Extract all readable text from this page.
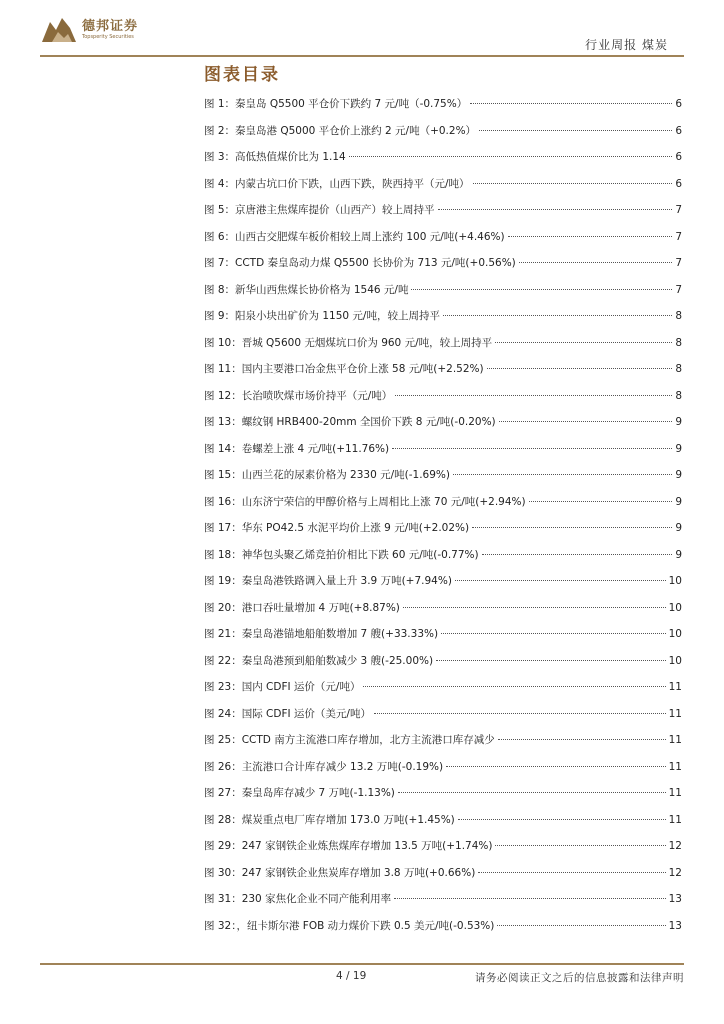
德邦证券
Topsperity Securities
行业周报 煤炭
图表目录
图 1：秦皇岛 Q5500 平仓价下跌约 7 元/吨（-0.75%）	6
图 2：秦皇岛港 Q5000 平仓价上涨约 2 元/吨（+0.2%）	6
图 3：高低热值煤价比为 1.14	6
图 4：内蒙古坑口价下跌，山西下跌，陕西持平（元/吨）	6
图 5：京唐港主焦煤库提价（山西产）较上周持平	7
图 6：山西古交肥煤车板价相较上周上涨约 100 元/吨(+4.46%)	7
图 7：CCTD 秦皇岛动力煤 Q5500 长协价为 713 元/吨(+0.56%)	7
图 8：新华山西焦煤长协价格为 1546 元/吨	7
图 9：阳泉小块出矿价为 1150 元/吨，较上周持平	8
图 10：晋城 Q5600 无烟煤坑口价为 960 元/吨，较上周持平	8
图 11：国内主要港口冶金焦平仓价上涨 58 元/吨(+2.52%)	8
图 12：长治喷吹煤市场价持平（元/吨）	8
图 13：螺纹钢 HRB400-20mm 全国价下跌 8 元/吨(-0.20%)	9
图 14：卷螺差上涨 4 元/吨(+11.76%)	9
图 15：山西兰花的尿素价格为 2330 元/吨(-1.69%)	9
图 16：山东济宁荣信的甲醇价格与上周相比上涨 70 元/吨(+2.94%)	9
图 17：华东 PO42.5 水泥平均价上涨 9 元/吨(+2.02%)	9
图 18：神华包头聚乙烯竞拍价相比下跌 60 元/吨(-0.77%)	9
图 19：秦皇岛港铁路调入量上升 3.9 万吨(+7.94%)	10
图 20：港口吞吐量增加 4 万吨(+8.87%)	10
图 21：秦皇岛港锚地船舶数增加 7 艘(+33.33%)	10
图 22：秦皇岛港预到船舶数减少 3 艘(-25.00%)	10
图 23：国内 CDFI 运价（元/吨）	11
图 24：国际 CDFI 运价（美元/吨）	11
图 25：CCTD 南方主流港口库存增加，北方主流港口库存减少	11
图 26：主流港口合计库存减少 13.2 万吨(-0.19%)	11
图 27：秦皇岛库存减少 7 万吨(-1.13%)	11
图 28：煤炭重点电厂库存增加 173.0 万吨(+1.45%)	11
图 29：247 家钢铁企业炼焦煤库存增加 13.5 万吨(+1.74%)	12
图 30：247 家钢铁企业焦炭库存增加 3.8 万吨(+0.66%)	12
图 31：230 家焦化企业不同产能利用率	13
图 32：，纽卡斯尔港 FOB 动力煤价下跌 0.5 美元/吨(-0.53%)	13
4 / 19	请务必阅读正文之后的信息披露和法律声明
